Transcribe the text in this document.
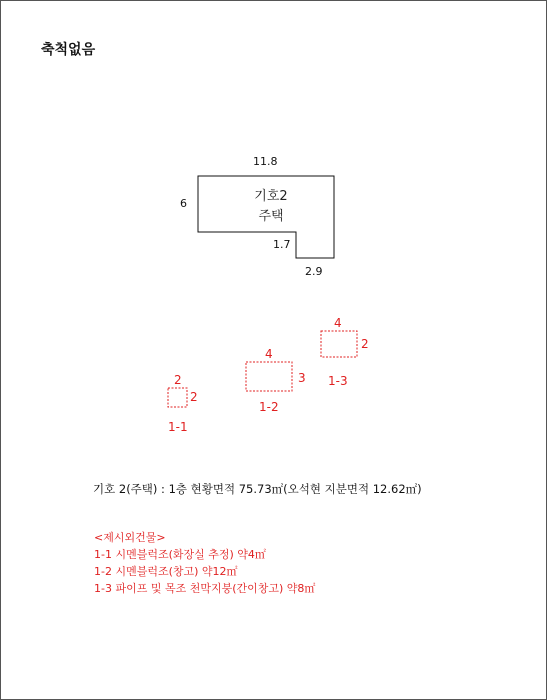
축척없음
11.8
6
1.7
2.9
기호2
주택
2
2
1-1
4
3
1-2
4
2
1-3
기호 2(주택) : 1층 현황면적 75.73㎡(오석현 지분면적 12.62㎡)
<제시외건물>
1-1 시멘블럭조(화장실 추정) 약4㎡
1-2 시멘블럭조(창고) 약12㎡
1-3 파이프 및 목조 천막지붕(간이창고) 약8㎡
